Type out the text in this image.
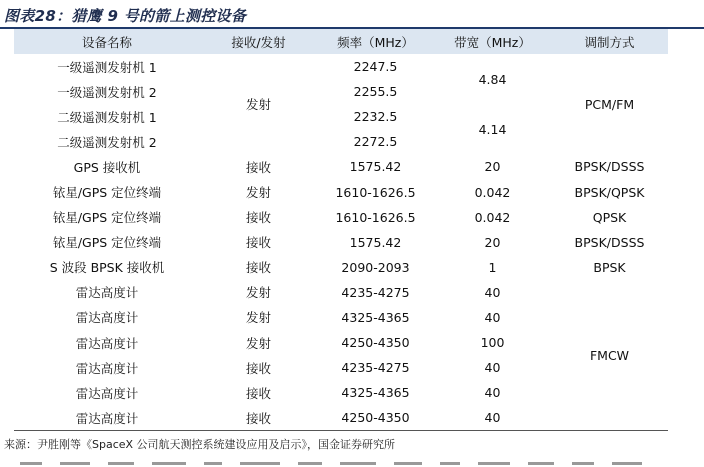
图表28：猎鹰 9 号的箭上测控设备
设备名称	接收/发射	频率（MHz）	带宽（MHz）	调制方式
一级遥测发射机 1	发射	2247.5	4.84	PCM/FM
一级遥测发射机 2		2255.5		
二级遥测发射机 1		2232.5	4.14	
二级遥测发射机 2		2272.5		
GPS 接收机	接收	1575.42	20	BPSK/DSSS
铱星/GPS 定位终端	发射	1610-1626.5	0.042	BPSK/QPSK
铱星/GPS 定位终端	接收	1610-1626.5	0.042	QPSK
铱星/GPS 定位终端	接收	1575.42	20	BPSK/DSSS
S 波段 BPSK 接收机	接收	2090-2093	1	BPSK
雷达高度计	发射	4235-4275	40	FMCW
雷达高度计	发射	4325-4365	40	
雷达高度计	发射	4250-4350	100	
雷达高度计	接收	4235-4275	40	
雷达高度计	接收	4325-4365	40	
雷达高度计	接收	4250-4350	40	
来源：尹胜刚等《SpaceX 公司航天测控系统建设应用及启示》，国金证券研究所
